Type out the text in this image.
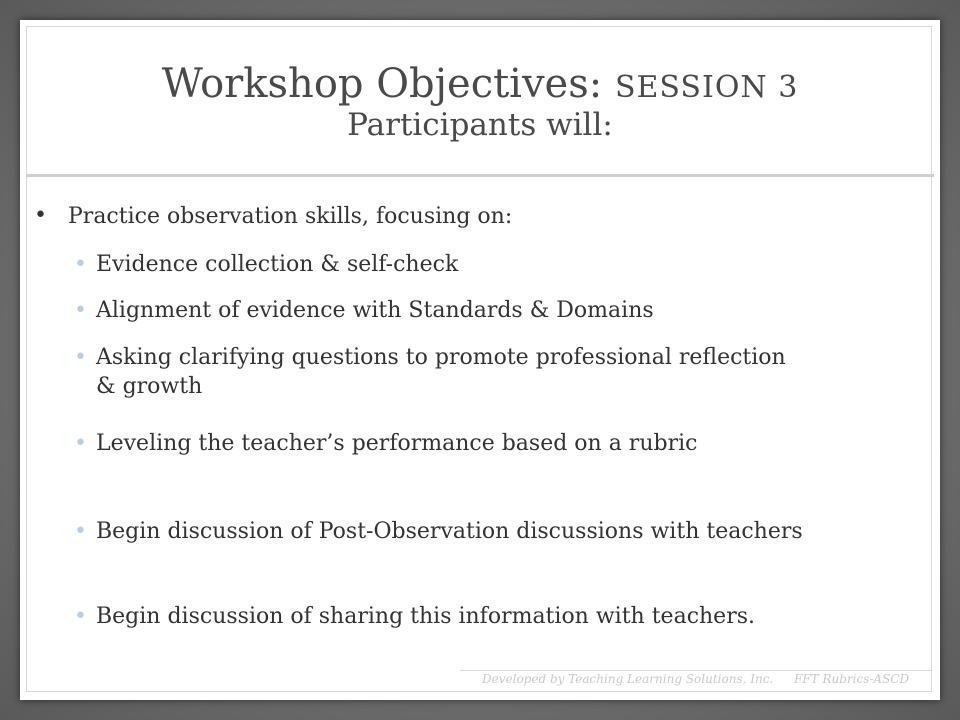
Workshop Objectives: SESSION 3
Participants will:
• Practice observation skills, focusing on:
• Evidence collection & self-check
• Alignment of evidence with Standards & Domains
• Asking clarifying questions to promote professional reflection & growth
• Leveling the teacher’s performance based on a rubric
• Begin discussion of Post-Observation discussions with teachers
• Begin discussion of sharing this information with teachers.
Developed by Teaching Learning Solutions, Inc. FFT Rubrics-ASCD
